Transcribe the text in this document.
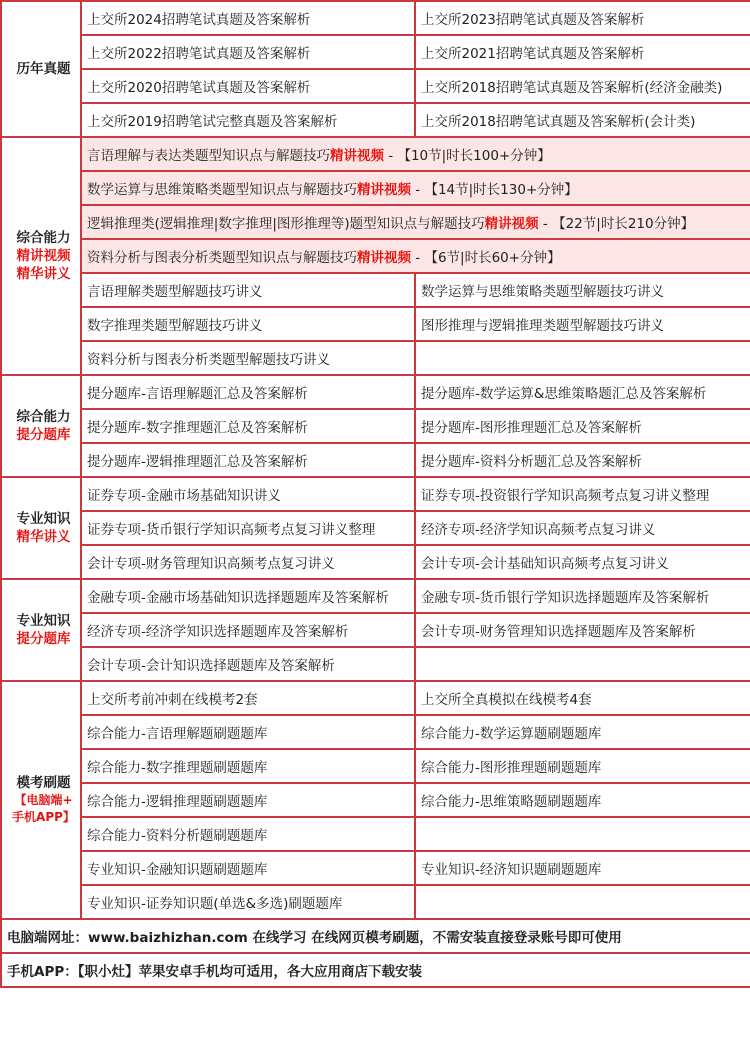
历年真题	上交所2024招聘笔试真题及答案解析	上交所2023招聘笔试真题及答案解析
	上交所2022招聘笔试真题及答案解析	上交所2021招聘笔试真题及答案解析
	上交所2020招聘笔试真题及答案解析	上交所2018招聘笔试真题及答案解析(经济金融类)
	上交所2019招聘笔试完整真题及答案解析	上交所2018招聘笔试真题及答案解析(会计类)

综合能力
精讲视频
精华讲义	言语理解与表达类题型知识点与解题技巧精讲视频 - 【10节|时长100+分钟】	
	数学运算与思维策略类题型知识点与解题技巧精讲视频 - 【14节|时长130+分钟】	
	逻辑推理类(逻辑推理|数字推理|图形推理等)题型知识点与解题技巧精讲视频 - 【22节|时长210分钟】	
	资料分析与图表分析类题型知识点与解题技巧精讲视频 - 【6节|时长60+分钟】	
	言语理解类题型解题技巧讲义	数学运算与思维策略类题型解题技巧讲义
	数字推理类题型解题技巧讲义	图形推理与逻辑推理类题型解题技巧讲义
	资料分析与图表分析类题型解题技巧讲义	

综合能力
提分题库	提分题库-言语理解题汇总及答案解析	提分题库-数学运算&思维策略题汇总及答案解析
	提分题库-数字推理题汇总及答案解析	提分题库-图形推理题汇总及答案解析
	提分题库-逻辑推理题汇总及答案解析	提分题库-资料分析题汇总及答案解析

专业知识
精华讲义	证券专项-金融市场基础知识讲义	证券专项-投资银行学知识高频考点复习讲义整理
	证券专项-货币银行学知识高频考点复习讲义整理	经济专项-经济学知识高频考点复习讲义
	会计专项-财务管理知识高频考点复习讲义	会计专项-会计基础知识高频考点复习讲义

专业知识
提分题库	金融专项-金融市场基础知识选择题题库及答案解析	金融专项-货币银行学知识选择题题库及答案解析
	经济专项-经济学知识选择题题库及答案解析	会计专项-财务管理知识选择题题库及答案解析
	会计专项-会计知识选择题题库及答案解析	

模考刷题
【电脑端+
手机APP】	上交所考前冲刺在线模考2套	上交所全真模拟在线模考4套
	综合能力-言语理解题刷题题库	综合能力-数学运算题刷题题库
	综合能力-数字推理题刷题题库	综合能力-图形推理题刷题题库
	综合能力-逻辑推理题刷题题库	综合能力-思维策略题刷题题库
	综合能力-资料分析题刷题题库	
	专业知识-金融知识题刷题题库	专业知识-经济知识题刷题题库
	专业知识-证券知识题(单选&多选)刷题题库	
电脑端网址：www.baizhizhan.com 在线学习 在线网页模考刷题，不需安装直接登录账号即可使用		
手机APP：【职小灶】苹果安卓手机均可适用，各大应用商店下载安装		
